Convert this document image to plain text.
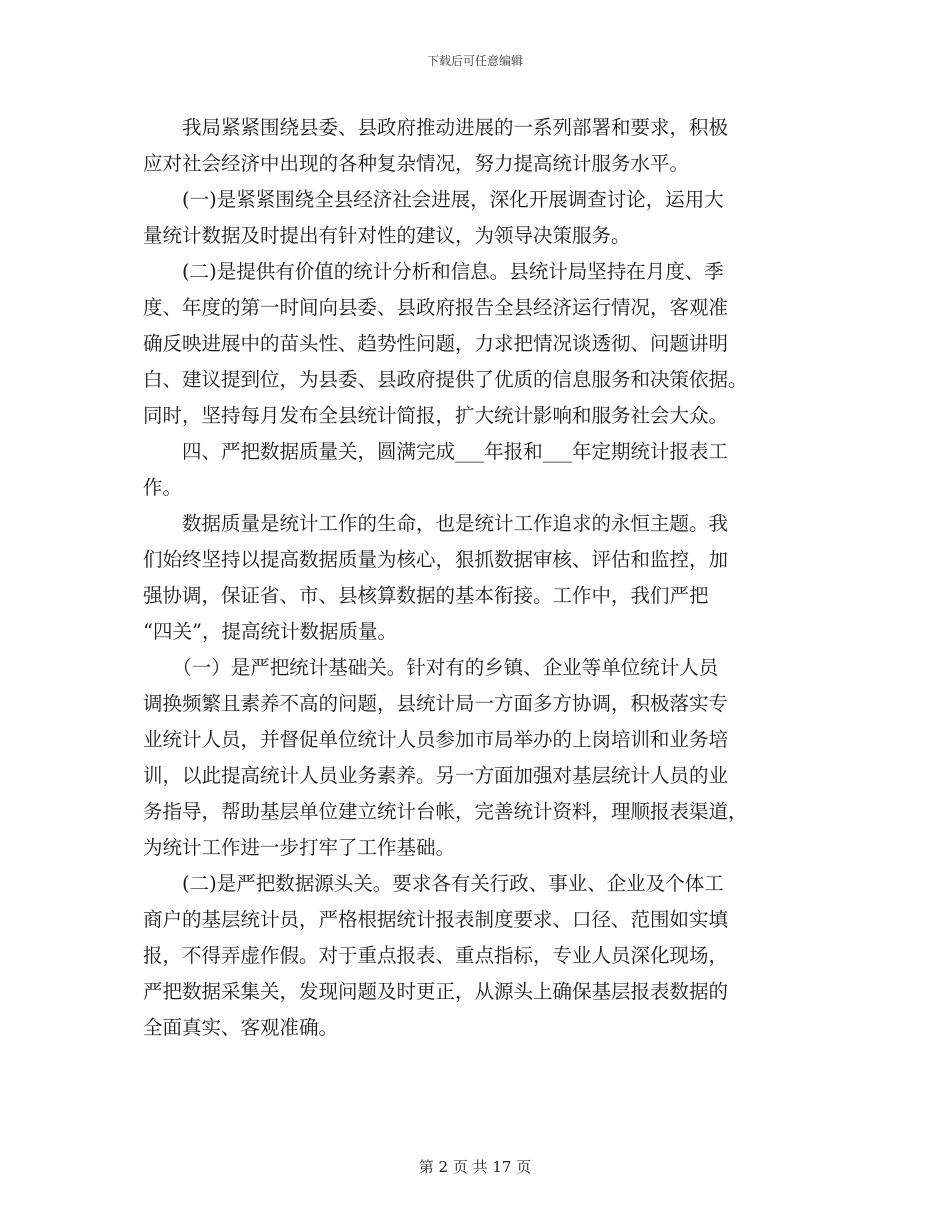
下载后可任意编辑
　　我局紧紧围绕县委、县政府推动进展的一系列部署和要求，积极
应对社会经济中出现的各种复杂情况，努力提高统计服务水平。
　　(一)是紧紧围绕全县经济社会进展，深化开展调查讨论，运用大
量统计数据及时提出有针对性的建议，为领导决策服务。
　　(二)是提供有价值的统计分析和信息。县统计局坚持在月度、季
度、年度的第一时间向县委、县政府报告全县经济运行情况，客观准
确反映进展中的苗头性、趋势性问题，力求把情况谈透彻、问题讲明
白、建议提到位，为县委、县政府提供了优质的信息服务和决策依据。
同时，坚持每月发布全县统计简报，扩大统计影响和服务社会大众。
　　四、严把数据质量关，圆满完成___年报和___年定期统计报表工
作。
　　数据质量是统计工作的生命，也是统计工作追求的永恒主题。我
们始终坚持以提高数据质量为核心，狠抓数据审核、评估和监控，加
强协调，保证省、市、县核算数据的基本衔接。工作中，我们严把
“四关”，提高统计数据质量。
　　（一）是严把统计基础关。针对有的乡镇、企业等单位统计人员
调换频繁且素养不高的问题，县统计局一方面多方协调，积极落实专
业统计人员，并督促单位统计人员参加市局举办的上岗培训和业务培
训，以此提高统计人员业务素养。另一方面加强对基层统计人员的业
务指导，帮助基层单位建立统计台帐，完善统计资料，理顺报表渠道，
为统计工作进一步打牢了工作基础。
　　(二)是严把数据源头关。要求各有关行政、事业、企业及个体工
商户的基层统计员，严格根据统计报表制度要求、口径、范围如实填
报，不得弄虚作假。对于重点报表、重点指标，专业人员深化现场，
严把数据采集关，发现问题及时更正，从源头上确保基层报表数据的
全面真实、客观准确。
第 2 页 共 17 页
